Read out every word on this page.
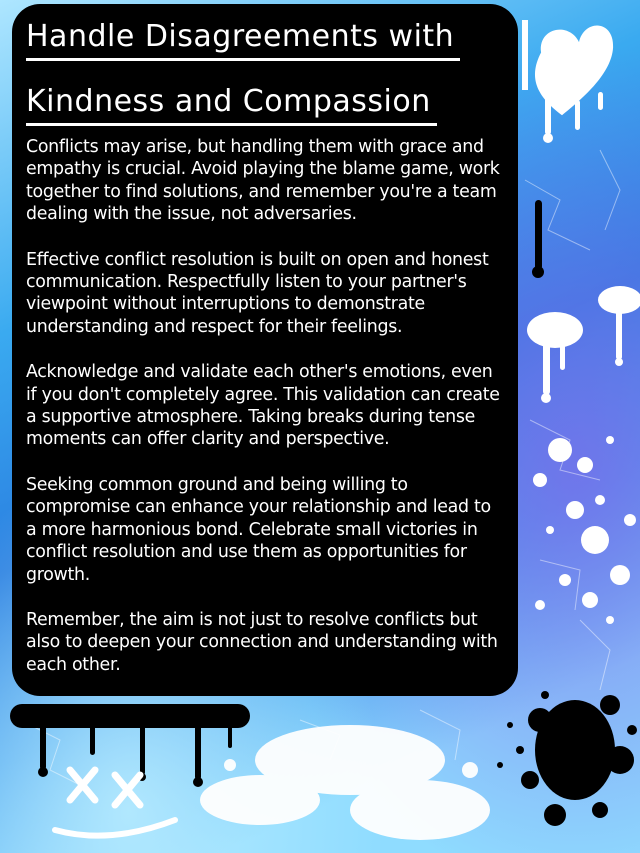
Handle Disagreements with
Kindness and Compassion

Conflicts may arise, but handling them with grace and empathy is crucial. Avoid playing the blame game, work together to find solutions, and remember you're a team dealing with the issue, not adversaries.

Effective conflict resolution is built on open and honest communication. Respectfully listen to your partner's viewpoint without interruptions to demonstrate understanding and respect for their feelings.

Acknowledge and validate each other's emotions, even if you don't completely agree. This validation can create a supportive atmosphere. Taking breaks during tense moments can offer clarity and perspective.

Seeking common ground and being willing to compromise can enhance your relationship and lead to a more harmonious bond. Celebrate small victories in conflict resolution and use them as opportunities for growth.

Remember, the aim is not just to resolve conflicts but also to deepen your connection and understanding with each other.
